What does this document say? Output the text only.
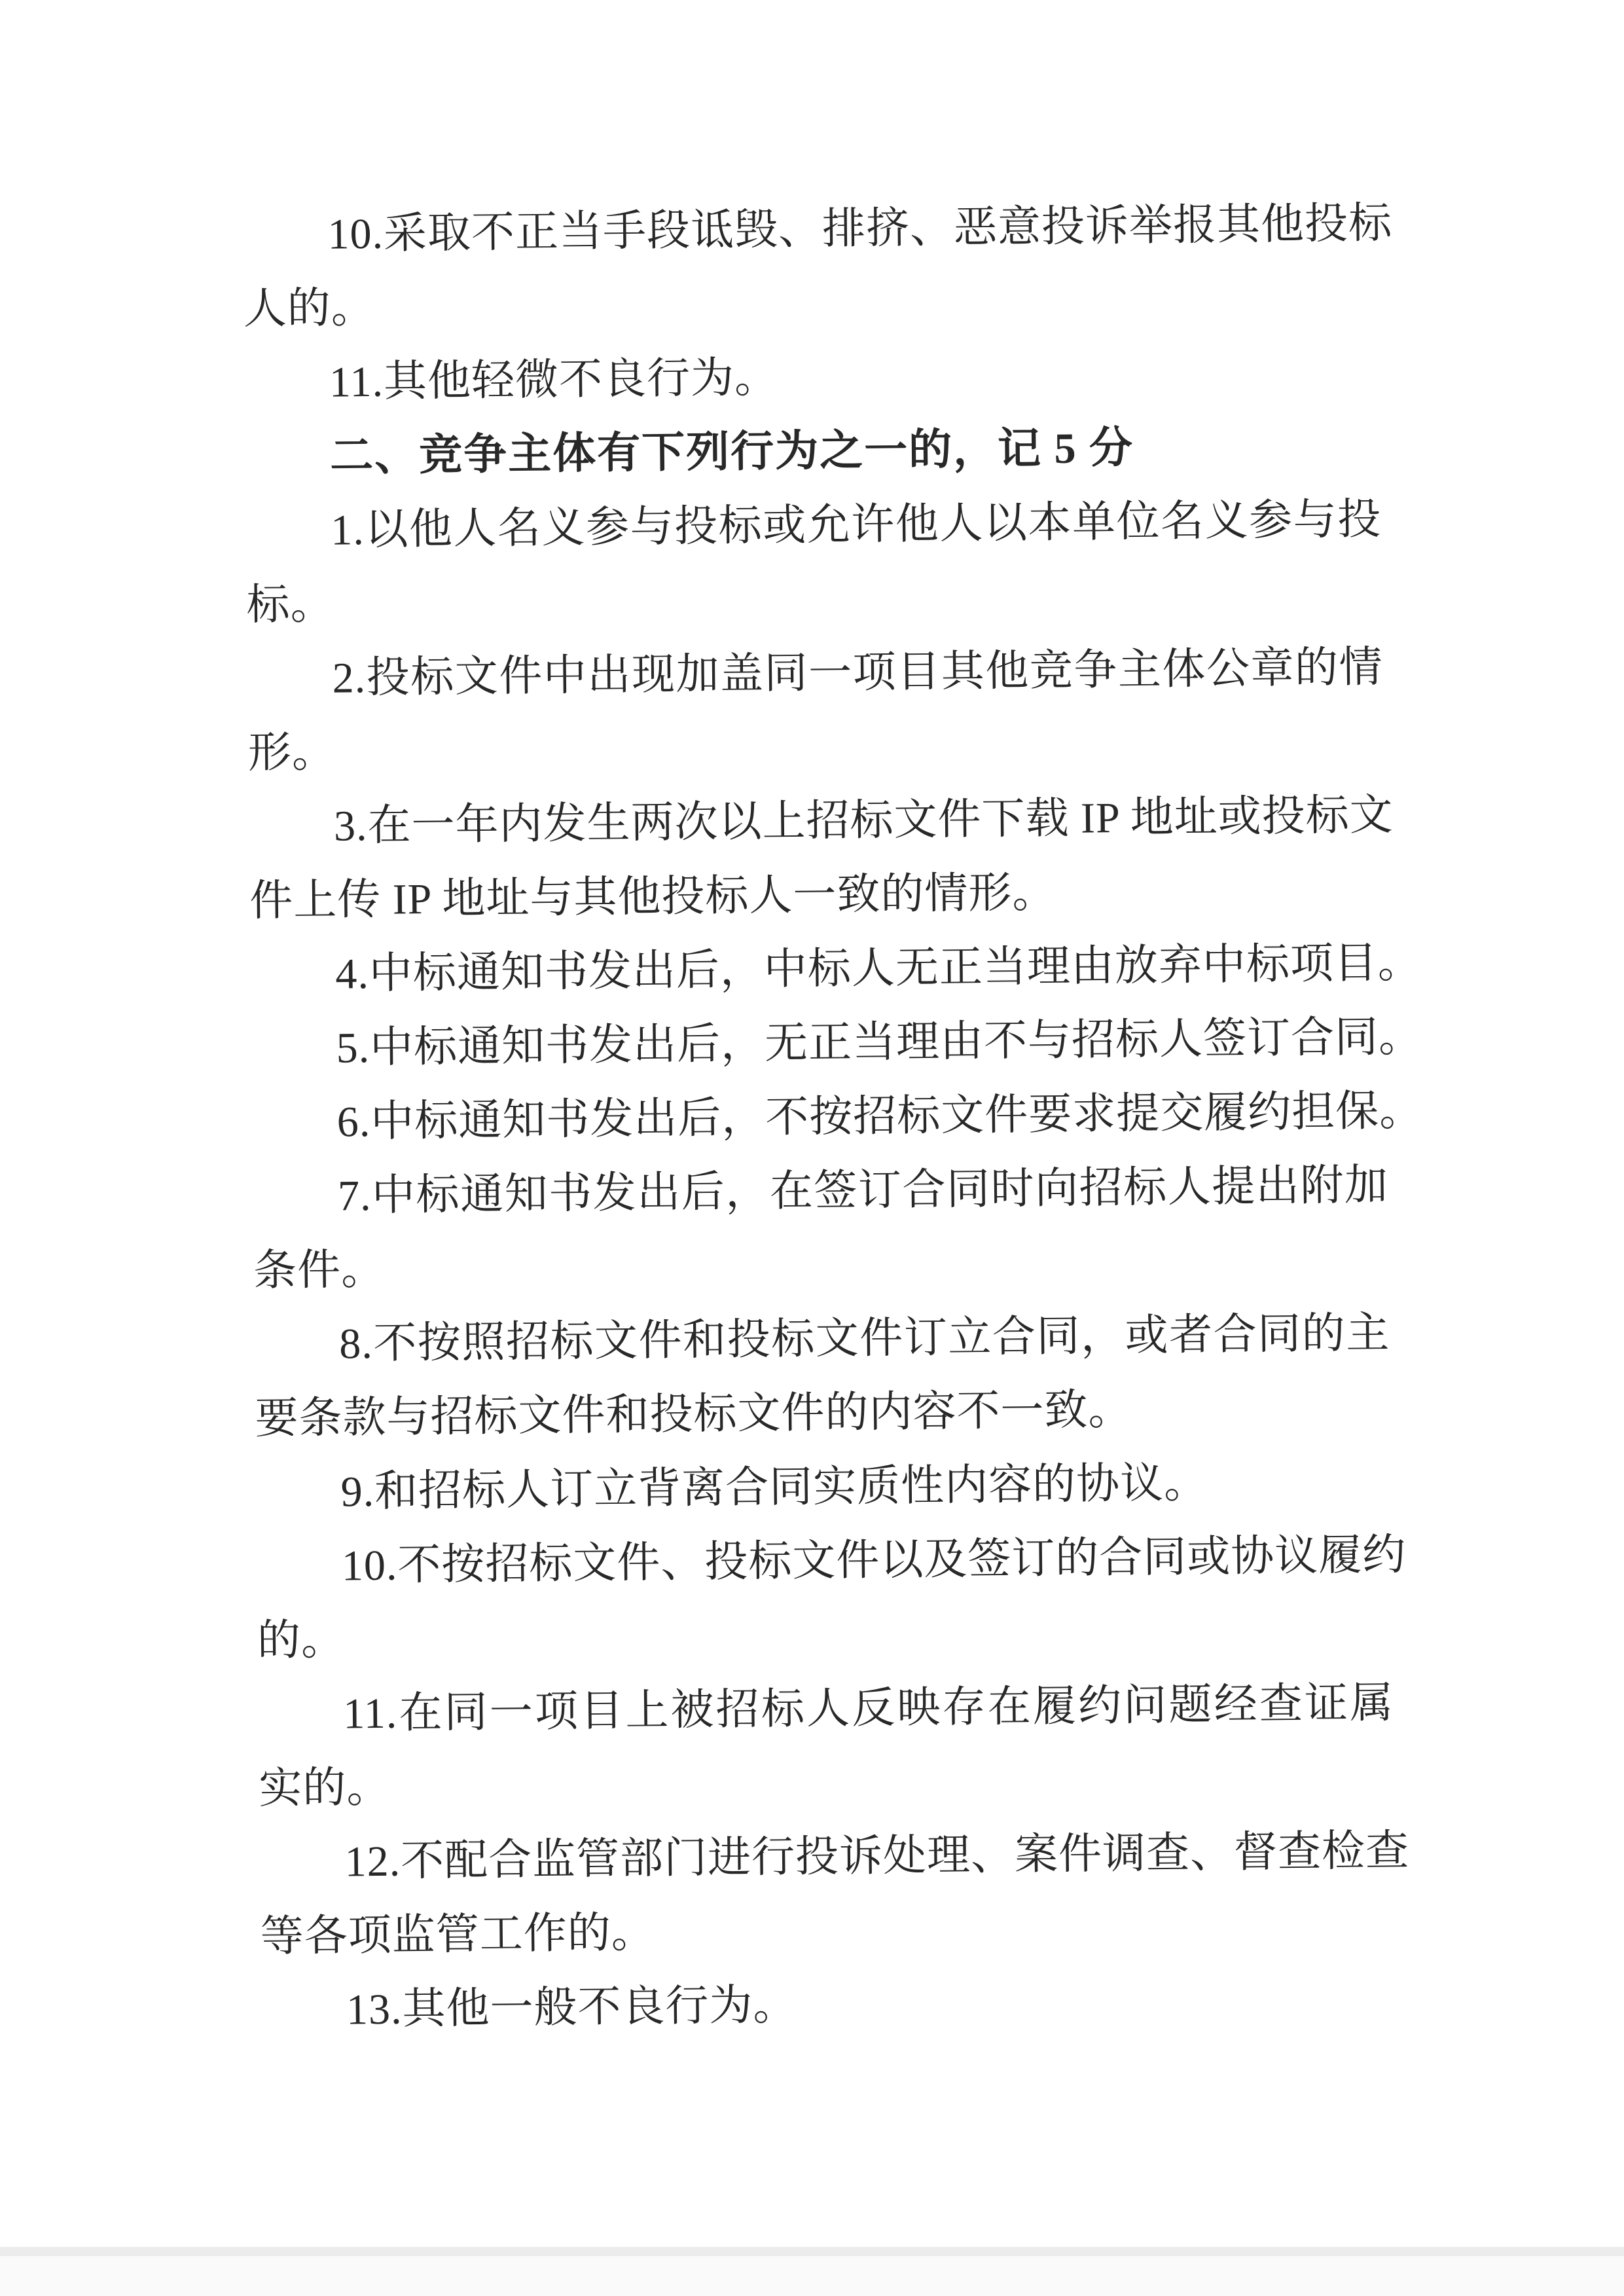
10.采取不正当手段诋毁、排挤、恶意投诉举报其他投标
人的。
11.其他轻微不良行为。
二、竞争主体有下列行为之一的，记 5 分
1.以他人名义参与投标或允许他人以本单位名义参与投
标。
2.投标文件中出现加盖同一项目其他竞争主体公章的情
形。
3.在一年内发生两次以上招标文件下载 IP 地址或投标文
件上传 IP 地址与其他投标人一致的情形。
4.中标通知书发出后，中标人无正当理由放弃中标项目。
5.中标通知书发出后，无正当理由不与招标人签订合同。
6.中标通知书发出后，不按招标文件要求提交履约担保。
7.中标通知书发出后，在签订合同时向招标人提出附加
条件。
8.不按照招标文件和投标文件订立合同，或者合同的主
要条款与招标文件和投标文件的内容不一致。
9.和招标人订立背离合同实质性内容的协议。
10.不按招标文件、投标文件以及签订的合同或协议履约
的。
11.在同一项目上被招标人反映存在履约问题经查证属
实的。
12.不配合监管部门进行投诉处理、案件调查、督查检查
等各项监管工作的。
13.其他一般不良行为。
